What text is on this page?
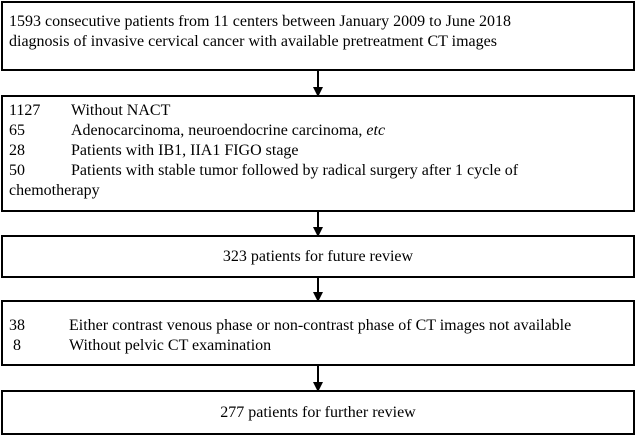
1593 consecutive patients from 11 centers between January 2009 to June 2018
diagnosis of invasive cervical cancer with available pretreatment CT images
1127	Without NACT
65	Adenocarcinoma, neuroendocrine carcinoma, etc
28	Patients with IB1, IIA1 FIGO stage
50	Patients with stable tumor followed by radical surgery after 1 cycle of
chemotherapy
323 patients for future review
38	Either contrast venous phase or non-contrast phase of CT images not available
8	Without pelvic CT examination
277 patients for further review
